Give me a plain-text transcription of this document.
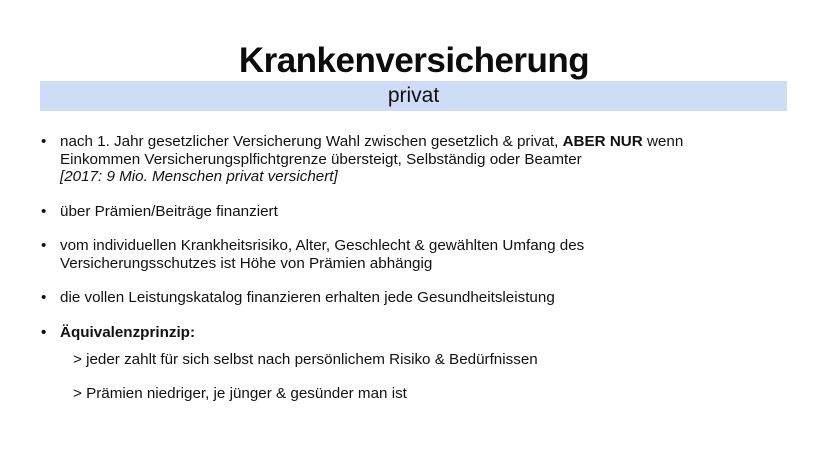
Krankenversicherung
privat
• nach 1. Jahr gesetzlicher Versicherung Wahl zwischen gesetzlich & privat, ABER NUR wenn
Einkommen Versicherungsplfichtgrenze übersteigt, Selbständig oder Beamter
[2017: 9 Mio. Menschen privat versichert]
• über Prämien/Beiträge finanziert
• vom individuellen Krankheitsrisiko, Alter, Geschlecht & gewählten Umfang des
Versicherungsschutzes ist Höhe von Prämien abhängig
• die vollen Leistungskatalog finanzieren erhalten jede Gesundheitsleistung
• Äquivalenzprinzip:
> jeder zahlt für sich selbst nach persönlichem Risiko & Bedürfnissen
> Prämien niedriger, je jünger & gesünder man ist
